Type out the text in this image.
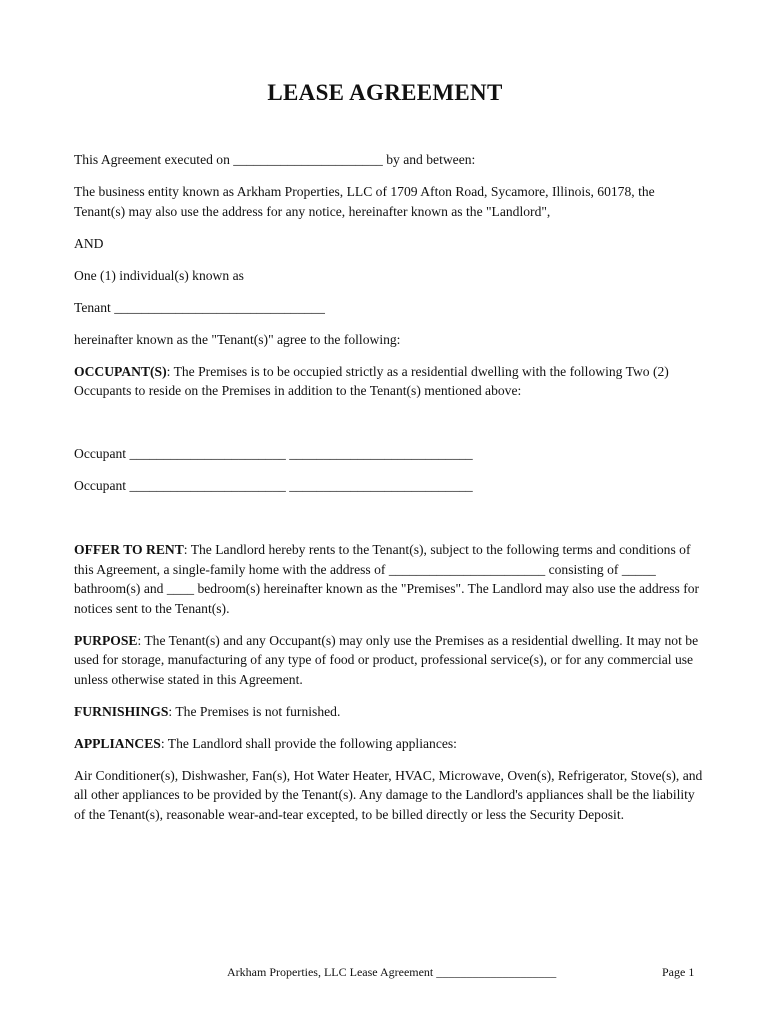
LEASE AGREEMENT

This Agreement executed on ______________________ by and between:

The business entity known as Arkham Properties, LLC of 1709 Afton Road, Sycamore, Illinois, 60178, the Tenant(s) may also use the address for any notice, hereinafter known as the "Landlord",

AND

One (1) individual(s) known as

Tenant _______________________________

hereinafter known as the "Tenant(s)" agree to the following:

OCCUPANT(S): The Premises is to be occupied strictly as a residential dwelling with the following Two (2) Occupants to reside on the Premises in addition to the Tenant(s) mentioned above:

Occupant _______________________ ___________________________

Occupant _______________________ ___________________________

OFFER TO RENT: The Landlord hereby rents to the Tenant(s), subject to the following terms and conditions of this Agreement, a single-family home with the address of _______________________ consisting of _____ bathroom(s) and ____ bedroom(s) hereinafter known as the "Premises". The Landlord may also use the address for notices sent to the Tenant(s).

PURPOSE: The Tenant(s) and any Occupant(s) may only use the Premises as a residential dwelling. It may not be used for storage, manufacturing of any type of food or product, professional service(s), or for any commercial use unless otherwise stated in this Agreement.

FURNISHINGS: The Premises is not furnished.

APPLIANCES: The Landlord shall provide the following appliances:

Air Conditioner(s), Dishwasher, Fan(s), Hot Water Heater, HVAC, Microwave, Oven(s), Refrigerator, Stove(s), and all other appliances to be provided by the Tenant(s). Any damage to the Landlord's appliances shall be the liability of the Tenant(s), reasonable wear-and-tear excepted, to be billed directly or less the Security Deposit.

Arkham Properties, LLC Lease Agreement ____________________	Page 1
